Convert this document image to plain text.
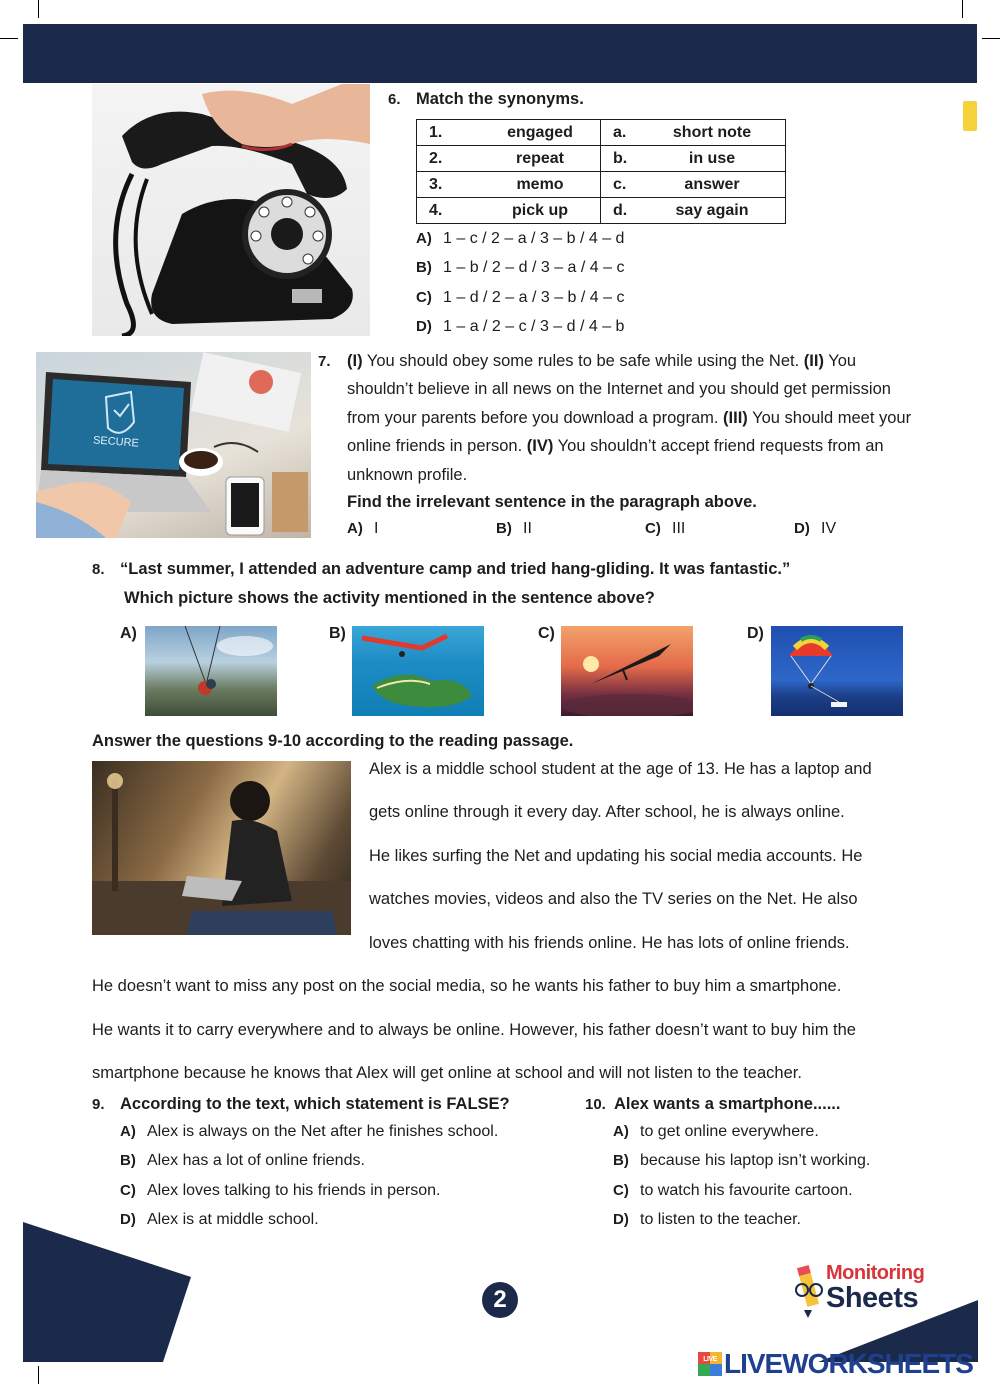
6. Match the synonyms.
1. engaged	a. short note
2. repeat	b. in use
3. memo	c. answer
4. pick up	d. say again
A) 1 – c / 2 – a / 3 – b / 4 – d
B) 1 – b / 2 – d / 3 – a / 4 – c
C) 1 – d / 2 – a / 3 – b / 4 – c
D) 1 – a / 2 – c / 3 – d / 4 – b
SECURE
7. (I) You should obey some rules to be safe while using the Net. (II) You shouldn’t believe in all news on the Internet and you should get permission from your parents before you download a program. (III) You should meet your online friends in person. (IV) You shouldn’t accept friend requests from an unknown profile.
Find the irrelevant sentence in the paragraph above.
A) I	B) II	C) III	D) IV
8. “Last summer, I attended an adventure camp and tried hang-gliding. It was fantastic.”
Which picture shows the activity mentioned in the sentence above?
A)	B)	C)	D)
Answer the questions 9-10 according to the reading passage.
Alex is a middle school student at the age of 13. He has a laptop and
gets online through it every day. After school, he is always online.
He likes surfing the Net and updating his social media accounts. He
watches movies, videos and also the TV series on the Net. He also
loves chatting with his friends online. He has lots of online friends.
He doesn’t want to miss any post on the social media, so he wants his father to buy him a smartphone.
He wants it to carry everywhere and to always be online. However, his father doesn’t want to buy him the
smartphone because he knows that Alex will get online at school and will not listen to the teacher.
9. According to the text, which statement is FALSE?
A) Alex is always on the Net after he finishes school.
B) Alex has a lot of online friends.
C) Alex loves talking to his friends in person.
D) Alex is at middle school.
10. Alex wants a smartphone......
A) to get online everywhere.
B) because his laptop isn’t working.
C) to watch his favourite cartoon.
D) to listen to the teacher.
2
Monitoring
Sheets
LIVE LIVEWORKSHEETS
